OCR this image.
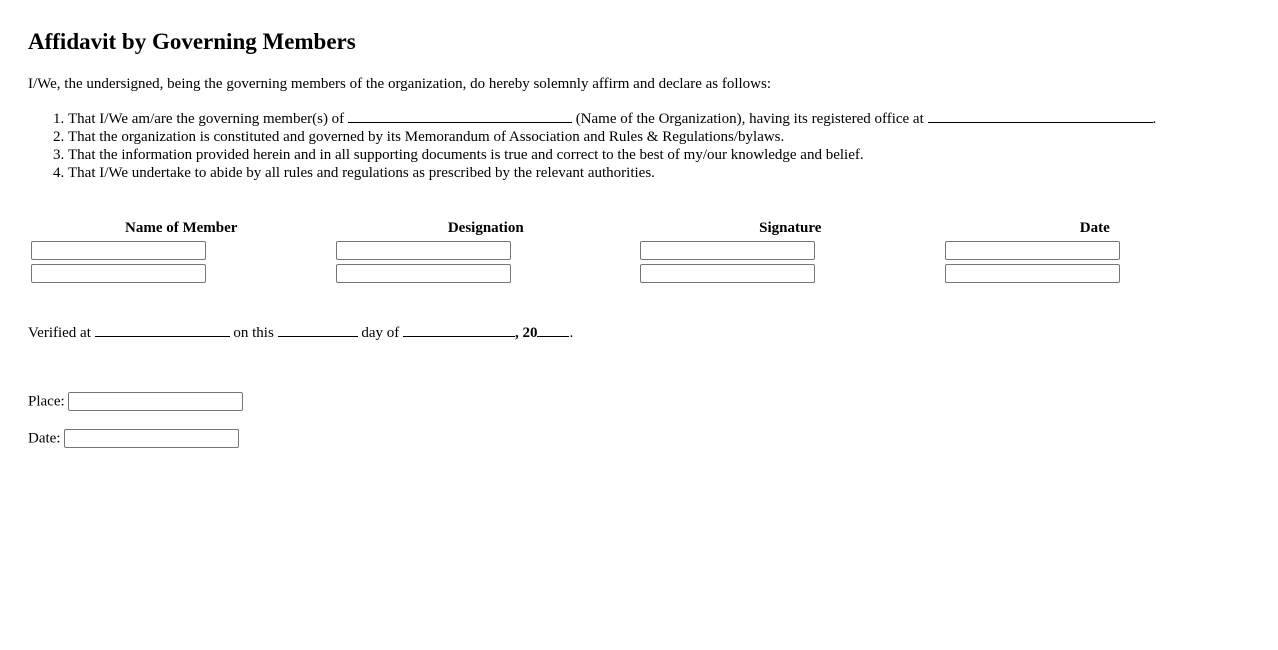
Affidavit by Governing Members
I/We, the undersigned, being the governing members of the organization, do hereby solemnly affirm and declare as follows:
1. That I/We am/are the governing member(s) of	(Name of the Organization), having its registered office at	.
2. That the organization is constituted and governed by its Memorandum of Association and Rules & Regulations/bylaws.
3. That the information provided herein and in all supporting documents is true and correct to the best of my/our knowledge and belief.
4. That I/We undertake to abide by all rules and regulations as prescribed by the relevant authorities.
Name of Member	Designation	Signature	Date

Verified at	on this	day of	, 20 .
Place:
Date:
